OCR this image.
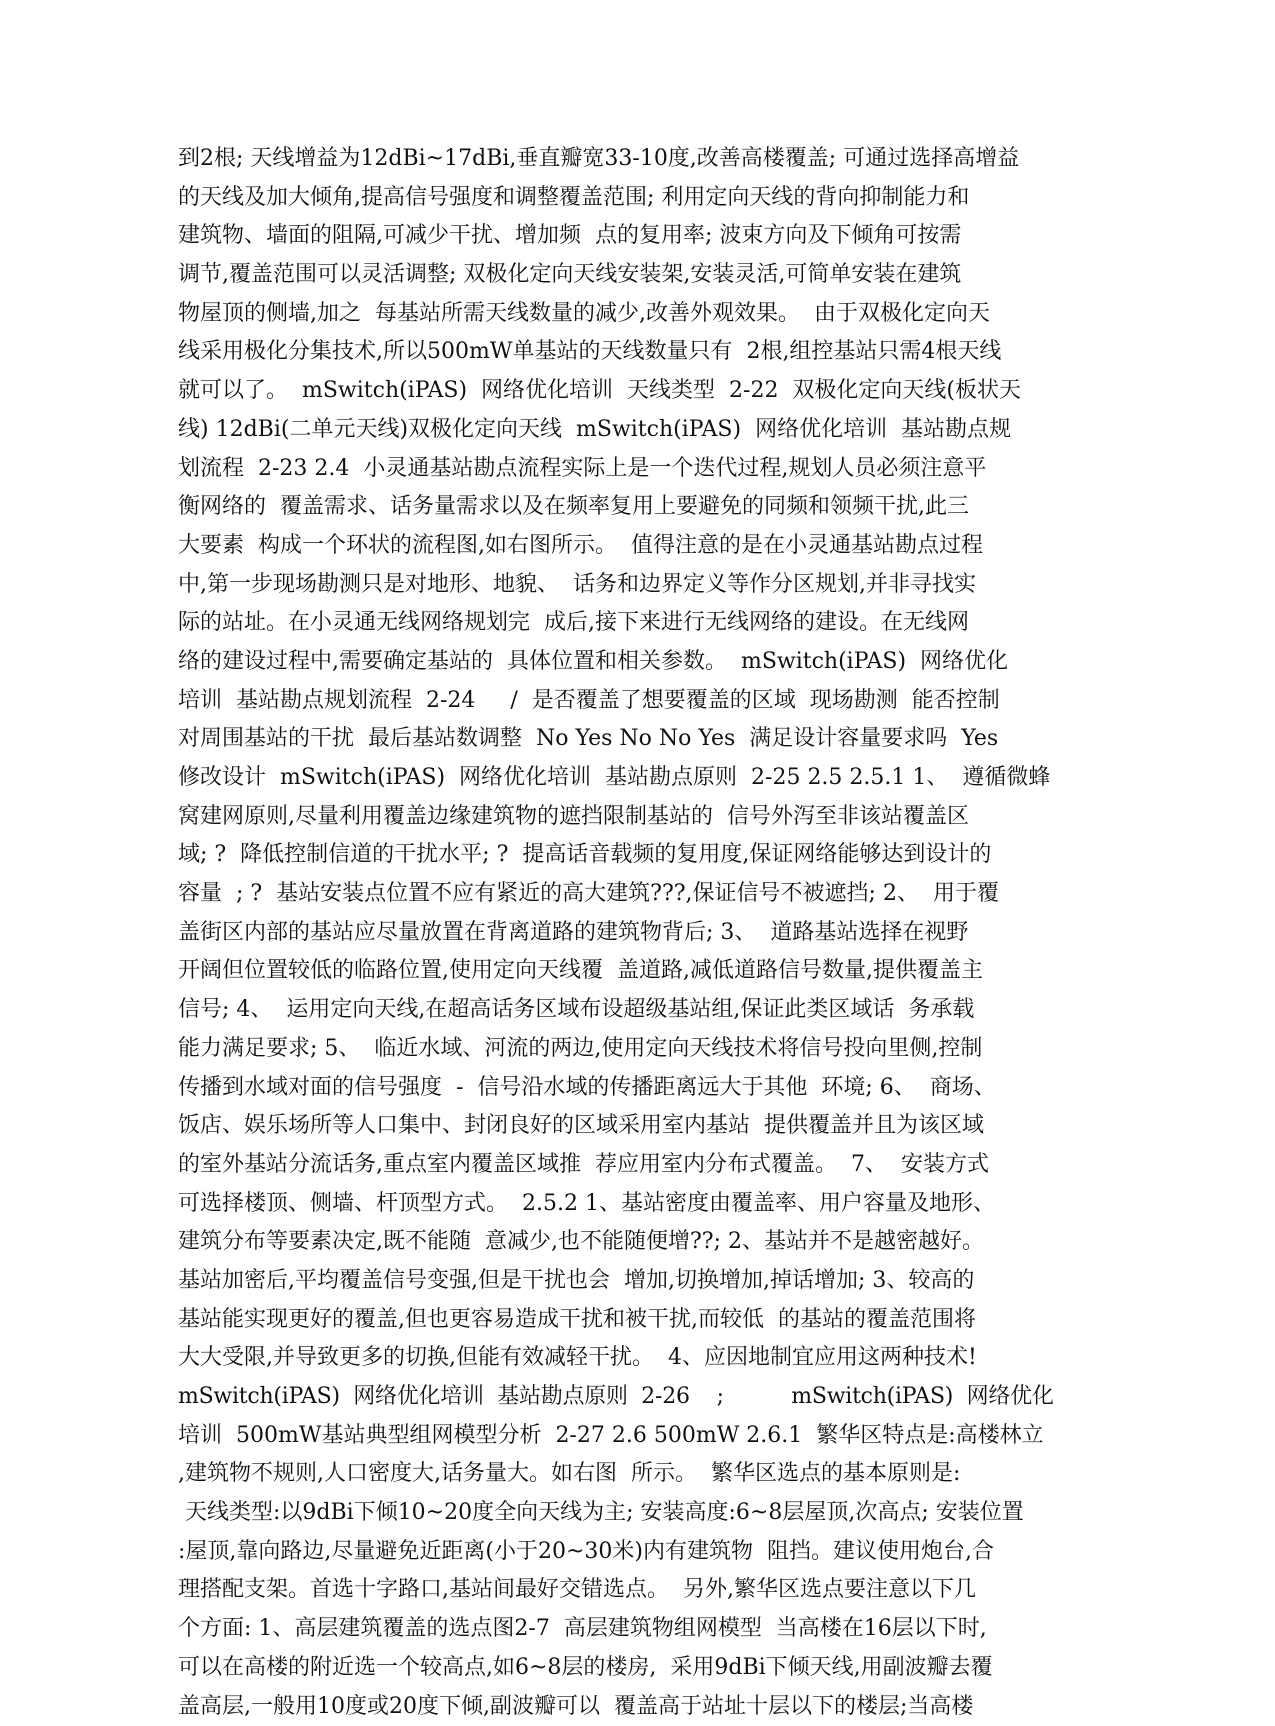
到2根; 天线增益为12dBi~17dBi,垂直瓣宽33-10度,改善高楼覆盖; 可通过选择高增益
的天线及加大倾角,提高信号强度和调整覆盖范围; 利用定向天线的背向抑制能力和
建筑物、墙面的阻隔,可减少干扰、增加频  点的复用率; 波束方向及下倾角可按需
调节,覆盖范围可以灵活调整; 双极化定向天线安装架,安装灵活,可简单安装在建筑
物屋顶的侧墙,加之  每基站所需天线数量的减少,改善外观效果。  由于双极化定向天
线采用极化分集技术,所以500mW单基站的天线数量只有  2根,组控基站只需4根天线
就可以了。  mSwitch(iPAS)  网络优化培训  天线类型  2-22  双极化定向天线(板状天
线) 12dBi(二单元天线)双极化定向天线  mSwitch(iPAS)  网络优化培训  基站勘点规
划流程  2-23 2.4  小灵通基站勘点流程实际上是一个迭代过程,规划人员必须注意平
衡网络的  覆盖需求、话务量需求以及在频率复用上要避免的同频和领频干扰,此三
大要素  构成一个环状的流程图,如右图所示。  值得注意的是在小灵通基站勘点过程
中,第一步现场勘测只是对地形、地貌、  话务和边界定义等作分区规划,并非寻找实
际的站址。在小灵通无线网络规划完  成后,接下来进行无线网络的建设。在无线网
络的建设过程中,需要确定基站的  具体位置和相关参数。  mSwitch(iPAS)  网络优化
培训  基站勘点规划流程  2-24     /  是否覆盖了想要覆盖的区域  现场勘测  能否控制
对周围基站的干扰  最后基站数调整  No Yes No No Yes  满足设计容量要求吗  Yes
修改设计  mSwitch(iPAS)  网络优化培训  基站勘点原则  2-25 2.5 2.5.1 1、  遵循微蜂
窝建网原则,尽量利用覆盖边缘建筑物的遮挡限制基站的  信号外泻至非该站覆盖区
域; ?  降低控制信道的干扰水平; ?  提高话音载频的复用度,保证网络能够达到设计的
容量  ; ?  基站安装点位置不应有紧近的高大建筑???,保证信号不被遮挡; 2、  用于覆
盖街区内部的基站应尽量放置在背离道路的建筑物背后; 3、  道路基站选择在视野
开阔但位置较低的临路位置,使用定向天线覆  盖道路,减低道路信号数量,提供覆盖主
信号; 4、  运用定向天线,在超高话务区域布设超级基站组,保证此类区域话  务承载
能力满足要求; 5、  临近水域、河流的两边,使用定向天线技术将信号投向里侧,控制
传播到水域对面的信号强度  -  信号沿水域的传播距离远大于其他  环境; 6、  商场、
饭店、娱乐场所等人口集中、封闭良好的区域采用室内基站  提供覆盖并且为该区域
的室外基站分流话务,重点室内覆盖区域推  荐应用室内分布式覆盖。  7、  安装方式
可选择楼顶、侧墙、杆顶型方式。  2.5.2 1、基站密度由覆盖率、用户容量及地形、
建筑分布等要素决定,既不能随  意减少,也不能随便增??; 2、基站并不是越密越好。
基站加密后,平均覆盖信号变强,但是干扰也会  增加,切换增加,掉话增加; 3、较高的
基站能实现更好的覆盖,但也更容易造成干扰和被干扰,而较低  的基站的覆盖范围将
大大受限,并导致更多的切换,但能有效减轻干扰。  4、应因地制宜应用这两种技术!
mSwitch(iPAS)  网络优化培训  基站勘点原则  2-26    ;          mSwitch(iPAS)  网络优化
培训  500mW基站典型组网模型分析  2-27 2.6 500mW 2.6.1  繁华区特点是:高楼林立
,建筑物不规则,人口密度大,话务量大。如右图  所示。  繁华区选点的基本原则是:
天线类型:以9dBi下倾10~20度全向天线为主; 安装高度:6~8层屋顶,次高点; 安装位置
:屋顶,靠向路边,尽量避免近距离(小于20~30米)内有建筑物  阻挡。建议使用炮台,合
理搭配支架。首选十字路口,基站间最好交错选点。  另外,繁华区选点要注意以下几
个方面: 1、高层建筑覆盖的选点图2-7  高层建筑物组网模型  当高楼在16层以下时,
可以在高楼的附近选一个较高点,如6~8层的楼房,  采用9dBi下倾天线,用副波瓣去覆
盖高层,一般用10度或20度下倾,副波瓣可以  覆盖高于站址十层以下的楼层;当高楼
